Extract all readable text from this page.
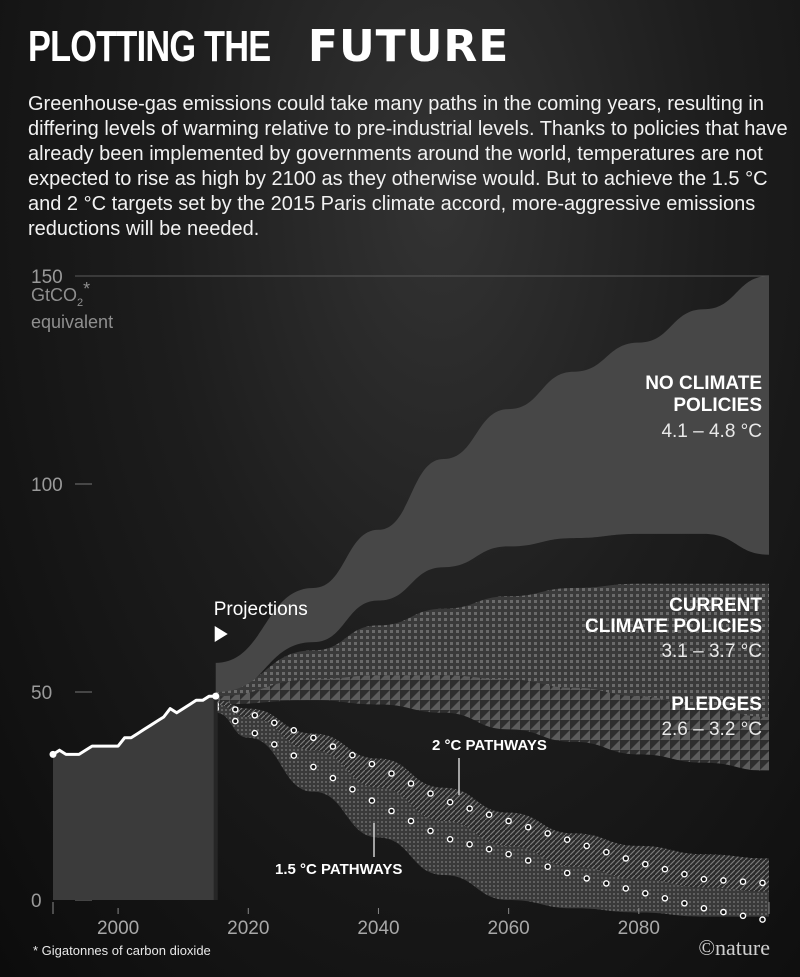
PLOTTING THE FUTURE

Greenhouse-gas emissions could take many paths in the coming years, resulting in differing levels of warming relative to pre-industrial levels. Thanks to policies that have already been implemented by governments around the world, temperatures are not expected to rise as high by 2100 as they otherwise would. But to achieve the 1.5 °C and 2 °C targets set by the 2015 Paris climate accord, more-aggressive emissions reductions will be needed.

GtCO$_2$*
equivalent
0
50
100
150
Projections
NO CLIMATE
POLICIES
4.1 – 4.8 °C
CURRENT
CLIMATE POLICIES
3.1 – 3.7 °C
PLEDGES
2.6 – 3.2 °C
2 °C PATHWAYS
1.5 °C PATHWAYS
2000	2020	2040	2060	2080

* Gigatonnes of carbon dioxide	©nature
